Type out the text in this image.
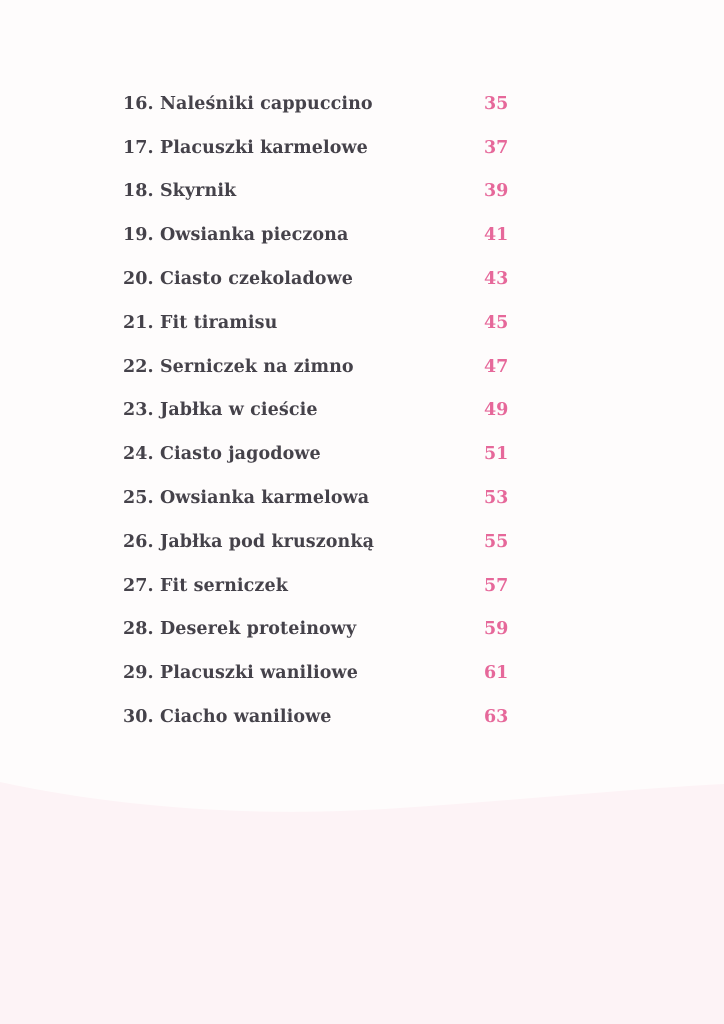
16. Naleśniki cappuccino	35
17. Placuszki karmelowe	37
18. Skyrnik	39
19. Owsianka pieczona	41
20. Ciasto czekoladowe	43
21. Fit tiramisu	45
22. Serniczek na zimno	47
23. Jabłka w cieście	49
24. Ciasto jagodowe	51
25. Owsianka karmelowa	53
26. Jabłka pod kruszonką	55
27. Fit serniczek	57
28. Deserek proteinowy	59
29. Placuszki waniliowe	61
30. Ciacho waniliowe	63
